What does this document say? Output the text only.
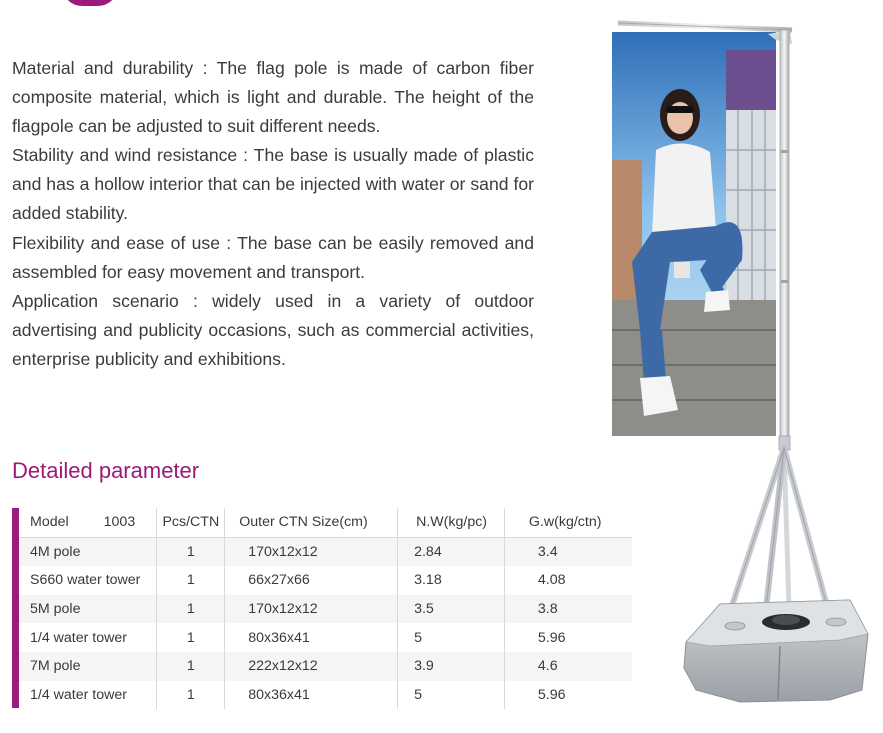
Material and durability : The flag pole is made of carbon fiber composite material, which is light and durable. The height of the flagpole can be adjusted to suit different needs.

Stability and wind resistance : The base is usually made of plastic and has a hollow interior that can be injected with water or sand for added stability.

Flexibility and ease of use : The base can be easily removed and assembled for easy movement and transport.

Application scenario : widely used in a variety of outdoor advertising and publicity occasions, such as commercial activities, enterprise publicity and exhibitions.

Detailed parameter
Model 1003	Pcs/CTN	Outer CTN Size(cm)	N.W(kg/pc)	G.w(kg/ctn)
4M pole	1	170x12x12	2.84	3.4
S660 water tower	1	66x27x66	3.18	4.08
5M pole	1	170x12x12	3.5	3.8
1/4 water tower	1	80x36x41	5	5.96
7M pole	1	222x12x12	3.9	4.6
1/4 water tower	1	80x36x41	5	5.96
